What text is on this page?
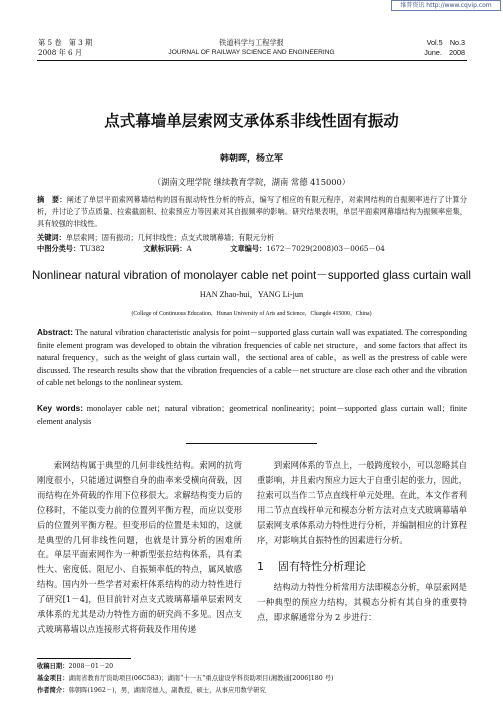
维普资讯 http://www.cqvip.com
第 5 卷　第 3 期
2008 年 6 月
铁道科学与工程学报
JOURNAL OF RAILWAY SCIENCE AND ENGINEERING
Vol.5　No.3
June.　2008
点式幕墙单层索网支承体系非线性固有振动
韩朝晖，杨立军
（湖南文理学院 继续教育学院，湖南 常德 415000）
摘　要：阐述了单层平面索网幕墙结构的固有振动特性分析的特点，编写了相应的有限元程序，对索网结构的自振频率进行了计算分析，并讨论了节点质量、拉索截面积、拉索预应力等因素对其自振频率的影响。研究结果表明，单层平面索网幕墙结构为振频率密集，具有较强的非线性。
关键词：单层索网；固有振动；几何非线性；点支式玻璃幕墙；有限元分析
中图分类号：TU382	文献标识码：A	文章编号：1672－7029(2008)03－0065－04
Nonlinear natural vibration of monolayer cable net point－supported glass curtain wall
HAN Zhao-hui，YANG Li-jun
(College of Continuous Education，Hunan University of Arts and Science，Changde 415000，China)
Abstract: The natural vibration characteristic analysis for point－supported glass curtain wall was expatiated. The corresponding finite element program was developed to obtain the vibration frequencies of cable net structure，and some factors that affect its natural frequency，such as the weight of glass curtain wall，the sectional area of cable，as well as the prestress of cable were discussed. The research results show that the vibration frequencies of a cable－net structure are close each other and the vibration of cable net belongs to the nonlinear system.
Key words: monolayer cable net；natural vibration；geometrical nonlinearity；point－supported glass curtain wall；finite element analysis

索网结构属于典型的几何非线性结构。索网的抗弯刚度很小，只能通过调整自身的曲率来受横向荷载，因而结构在外荷载的作用下位移很大。求解结构变力后的位移时，不能以变力前的位置列平衡方程，而应以变形后的位置列平衡方程。但变形后的位置是未知的，这就是典型的几何非线性问题，也就是计算分析的困难所在。单层平面索网作为一种新型张拉结构体系，具有柔性大、密度低、阻尼小、自振频率低的特点，属风敏感结构。国内外一些学者对索杆体系结构的动力特性进行了研究[1－4]，但目前针对点支式玻璃幕墙单层索网支承体系的尤其是动力特性方面的研究尚不多见。因点支式玻璃幕墙以点连接形式将荷载及作用传递

到索网体系的节点上，一般跨度较小，可以忽略其自重影响，并且索内预应力远大于自重引起的张力，因此，拉索可以当作二节点直线杆单元处理。在此，本文作者利用二节点直线杆单元和模态分析方法对点支式玻璃幕墙单层索网支承体系动力特性进行分析，并编制相应的计算程序，对影响其自振特性的因素进行分析。

1 固有特性分析理论

结构动力特性分析常用方法即模态分析，单层索网是一种典型的预应力结构，其模态分析有其自身的重要特点，即求解通常分为 2 步进行：

收稿日期：2008－01－20
基金项目：湖南省教育厅资助项目(06C583)；湖南“十一五”重点建设学科资助项目(湘教通[2006]180 号)
作者简介：韩朝晖(1962－)，男，湖南常德人，副教授，硕士，从事应用数学研究
